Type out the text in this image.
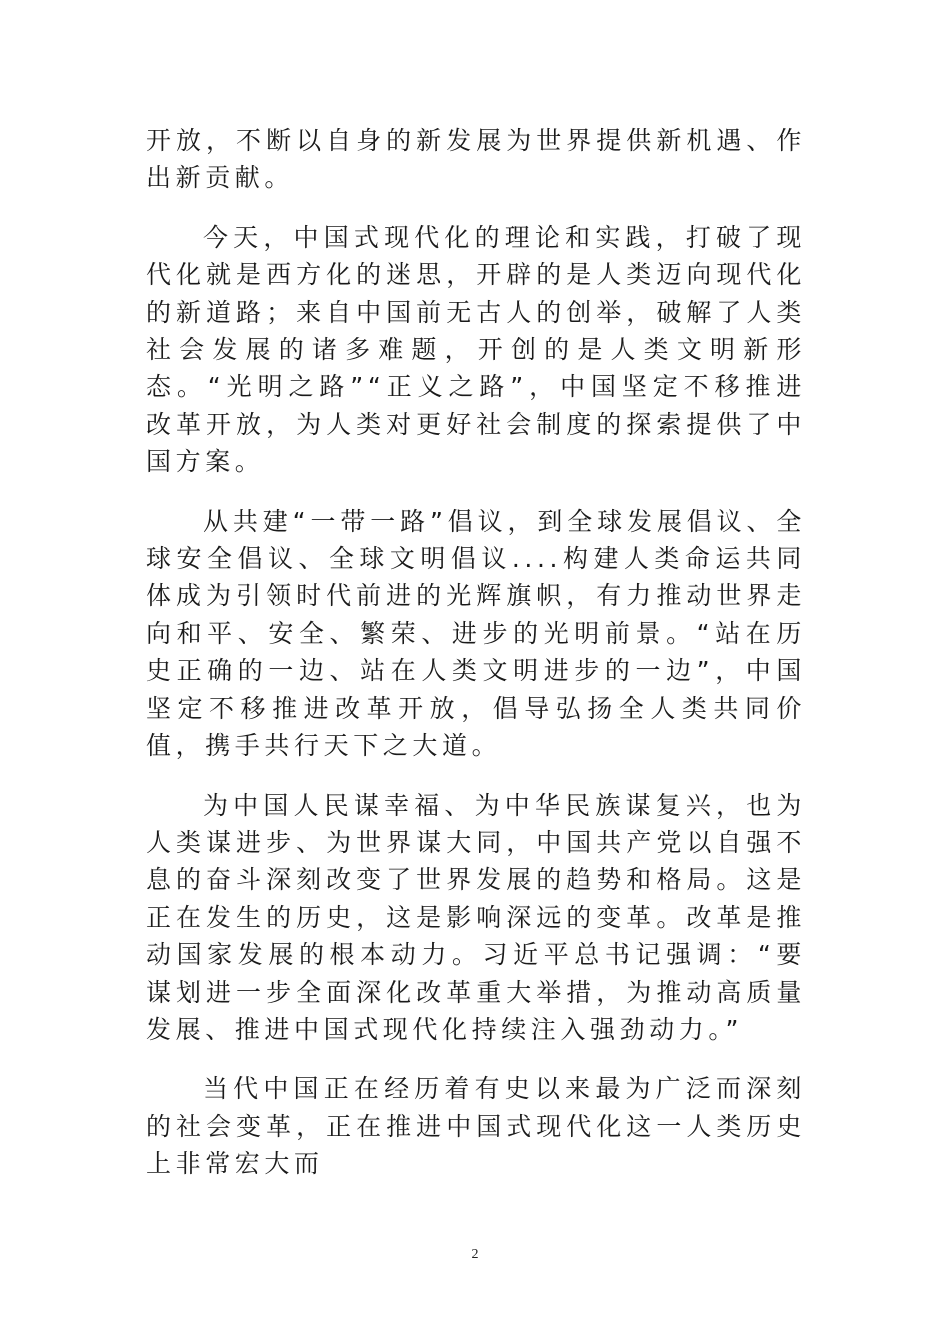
开放，不断以自身的新发展为世界提供新机遇、作出新贡献。

今天，中国式现代化的理论和实践，打破了现代化就是西方化的迷思，开辟的是人类迈向现代化的新道路；来自中国前无古人的创举，破解了人类社会发展的诸多难题，开创的是人类文明新形态。“光明之路”“正义之路”，中国坚定不移推进改革开放，为人类对更好社会制度的探索提供了中国方案。

从共建“一带一路”倡议，到全球发展倡议、全球安全倡议、全球文明倡议....构建人类命运共同体成为引领时代前进的光辉旗帜，有力推动世界走向和平、安全、繁荣、进步的光明前景。“站在历史正确的一边、站在人类文明进步的一边”，中国坚定不移推进改革开放，倡导弘扬全人类共同价值，携手共行天下之大道。

为中国人民谋幸福、为中华民族谋复兴，也为人类谋进步、为世界谋大同，中国共产党以自强不息的奋斗深刻改变了世界发展的趋势和格局。这是正在发生的历史，这是影响深远的变革。改革是推动国家发展的根本动力。习近平总书记强调：“要谋划进一步全面深化改革重大举措，为推动高质量发展、推进中国式现代化持续注入强劲动力。”

当代中国正在经历着有史以来最为广泛而深刻的社会变革，正在推进中国式现代化这一人类历史上非常宏大而

2
